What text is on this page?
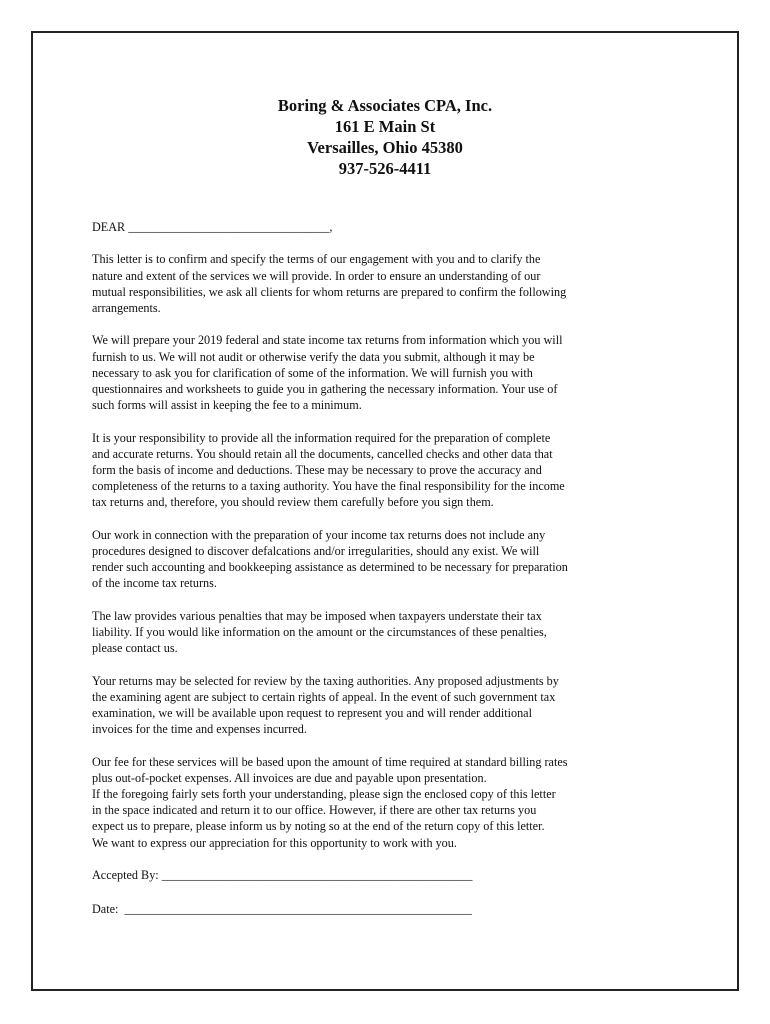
Boring & Associates CPA, Inc.
161 E Main St
Versailles, Ohio 45380
937-526-4411
DEAR _________________________________,

This letter is to confirm and specify the terms of our engagement with you and to clarify the
nature and extent of the services we will provide. In order to ensure an understanding of our
mutual responsibilities, we ask all clients for whom returns are prepared to confirm the following
arrangements.

We will prepare your 2019 federal and state income tax returns from information which you will
furnish to us. We will not audit or otherwise verify the data you submit, although it may be
necessary to ask you for clarification of some of the information. We will furnish you with
questionnaires and worksheets to guide you in gathering the necessary information. Your use of
such forms will assist in keeping the fee to a minimum.

It is your responsibility to provide all the information required for the preparation of complete
and accurate returns. You should retain all the documents, cancelled checks and other data that
form the basis of income and deductions. These may be necessary to prove the accuracy and
completeness of the returns to a taxing authority. You have the final responsibility for the income
tax returns and, therefore, you should review them carefully before you sign them.

Our work in connection with the preparation of your income tax returns does not include any
procedures designed to discover defalcations and/or irregularities, should any exist. We will
render such accounting and bookkeeping assistance as determined to be necessary for preparation
of the income tax returns.

The law provides various penalties that may be imposed when taxpayers understate their tax
liability. If you would like information on the amount or the circumstances of these penalties,
please contact us.

Your returns may be selected for review by the taxing authorities. Any proposed adjustments by
the examining agent are subject to certain rights of appeal. In the event of such government tax
examination, we will be available upon request to represent you and will render additional
invoices for the time and expenses incurred.

Our fee for these services will be based upon the amount of time required at standard billing rates
plus out-of-pocket expenses. All invoices are due and payable upon presentation.
If the foregoing fairly sets forth your understanding, please sign the enclosed copy of this letter
in the space indicated and return it to our office. However, if there are other tax returns you
expect us to prepare, please inform us by noting so at the end of the return copy of this letter.
We want to express our appreciation for this opportunity to work with you.

Accepted By: ___________________________________________________
Date:  _________________________________________________________
